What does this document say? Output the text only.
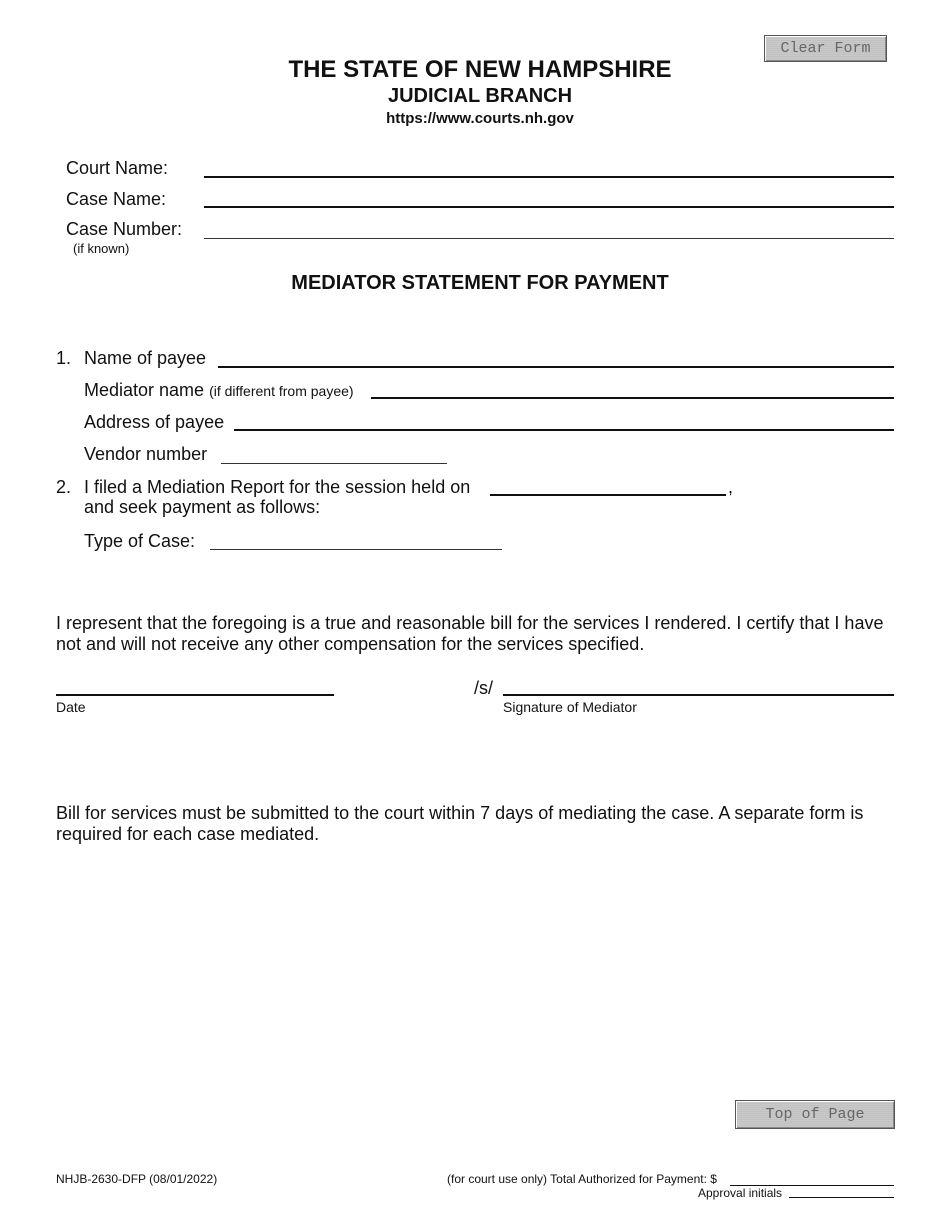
Clear Form
THE STATE OF NEW HAMPSHIRE
JUDICIAL BRANCH
https://www.courts.nh.gov
Court Name:
Case Name:
Case Number:
(if known)
MEDIATOR STATEMENT FOR PAYMENT
1. Name of payee
Mediator name (if different from payee)
Address of payee
Vendor number
2. I filed a Mediation Report for the session held on	,
and seek payment as follows:
Type of Case:
I represent that the foregoing is a true and reasonable bill for the services I rendered. I certify that I have not and will not receive any other compensation for the services specified.
Date
/s/
Signature of Mediator
Bill for services must be submitted to the court within 7 days of mediating the case. A separate form is required for each case mediated.
Top of Page
NHJB-2630-DFP (08/01/2022)	(for court use only) Total Authorized for Payment: $
Approval initials
